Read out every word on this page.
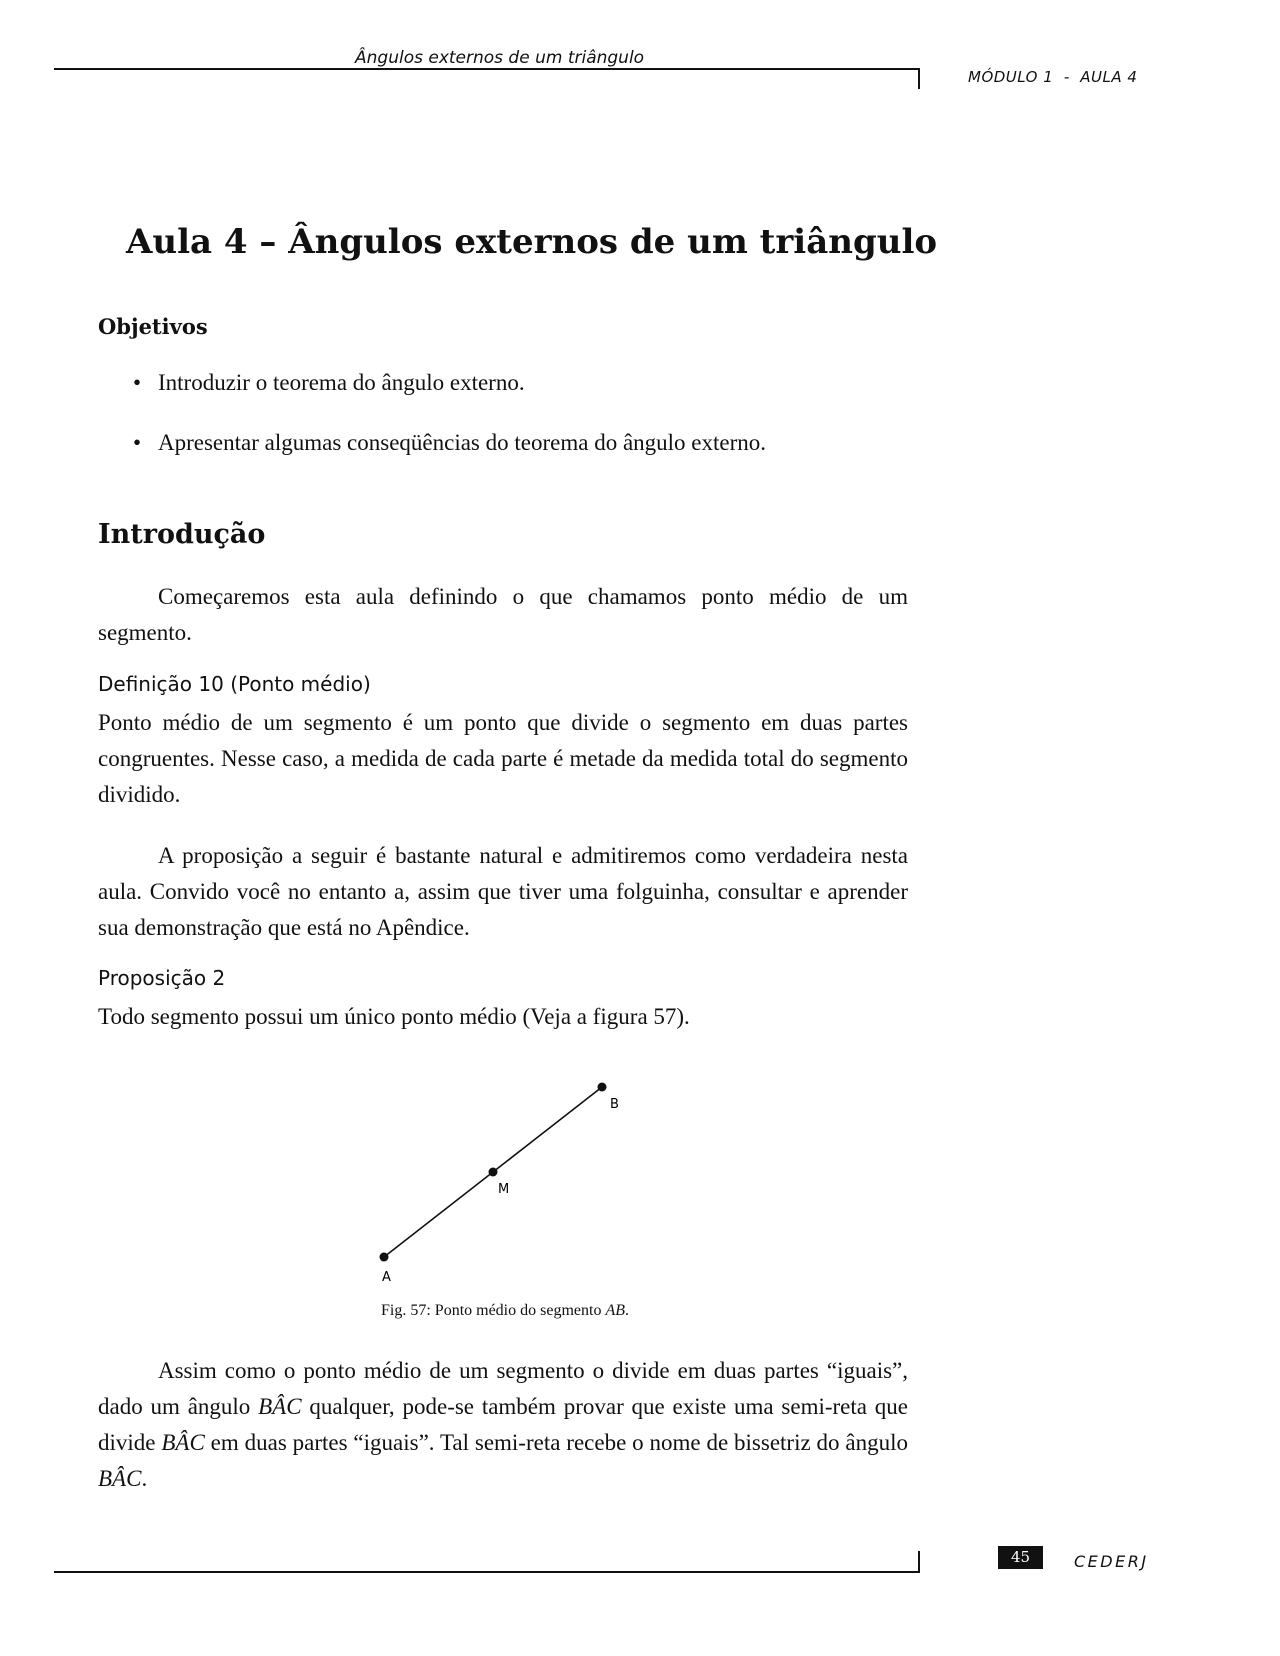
Ângulos externos de um triângulo
MÓDULO 1  -  AULA 4
Aula 4 – Ângulos externos de um triângulo
Objetivos
• Introduzir o teorema do ângulo externo.
• Apresentar algumas conseqüências do teorema do ângulo externo.
Introdução

Começaremos esta aula definindo o que chamamos ponto médio de um segmento.

Definição 10 (Ponto médio)

Ponto médio de um segmento é um ponto que divide o segmento em duas partes congruentes. Nesse caso, a medida de cada parte é metade da medida total do segmento dividido.

A proposição a seguir é bastante natural e admitiremos como verdadeira nesta aula. Convido você no entanto a, assim que tiver uma folguinha, consultar e aprender sua demonstração que está no Apêndice.

Proposição 2

Todo segmento possui um único ponto médio (Veja a figura 57).

A
M
B
Fig. 57: Ponto médio do segmento AB.

Assim como o ponto médio de um segmento o divide em duas partes “iguais”, dado um ângulo BÂC qualquer, pode-se também provar que existe uma semi-reta que divide BÂC em duas partes “iguais”. Tal semi-reta recebe o nome de bissetriz do ângulo BÂC.

45	CEDERJ
